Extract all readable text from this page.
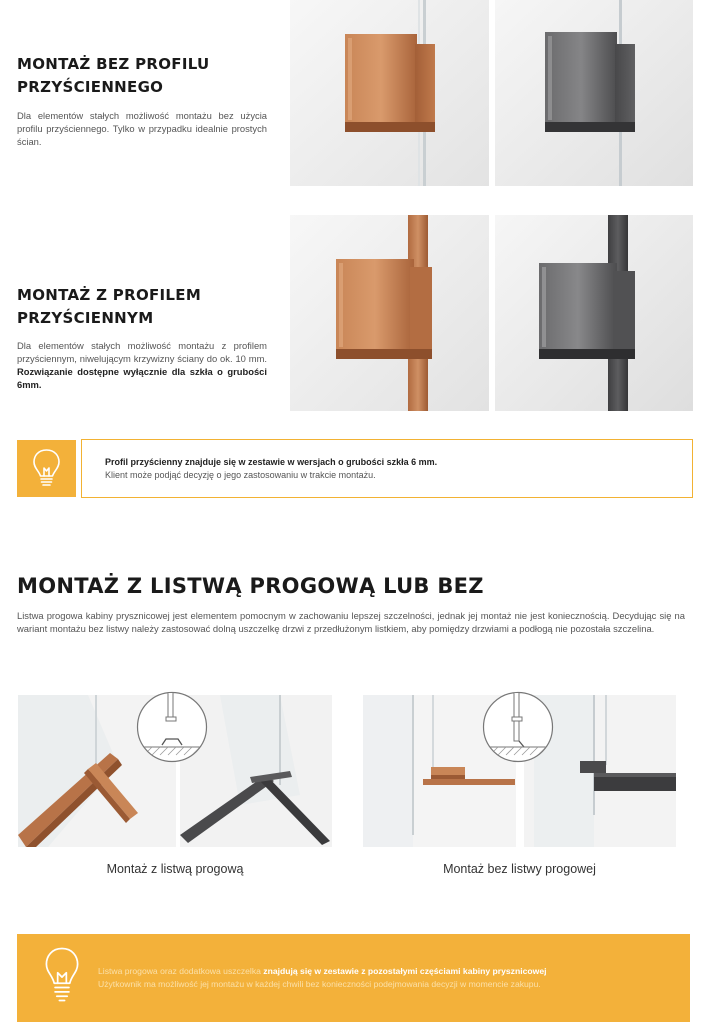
MONTAŻ BEZ PROFILU
PRZYŚCIENNEGO
Dla elementów stałych możliwość montażu bez użycia profilu przyściennego. Tylko w przypadku idealnie prostych ścian.
MONTAŻ Z PROFILEM
PRZYŚCIENNYM
Dla elementów stałych możliwość montażu z profilem przyściennym, niwelującym krzywizny ściany do ok. 10 mm. Rozwiązanie dostępne wyłącznie dla szkła o grubości 6mm.
Profil przyścienny znajduje się w zestawie w wersjach o grubości szkła 6 mm.
Klient może podjąć decyzję o jego zastosowaniu w trakcie montażu.
MONTAŻ Z LISTWĄ PROGOWĄ LUB BEZ
Listwa progowa kabiny prysznicowej jest elementem pomocnym w zachowaniu lepszej szczelności, jednak jej montaż nie jest koniecznością. Decydując się na wariant montażu bez listwy należy zastosować dolną uszczelkę drzwi z przedłużonym listkiem, aby pomiędzy drzwiami a podłogą nie pozostała szczelina.
Montaż z listwą progową	Montaż bez listwy progowej
Listwa progowa oraz dodatkowa uszczelka znajdują się w zestawie z pozostałymi częściami kabiny prysznicowej
Użytkownik ma możliwość jej montażu w każdej chwili bez konieczności podejmowania decyzji w momencie zakupu.
